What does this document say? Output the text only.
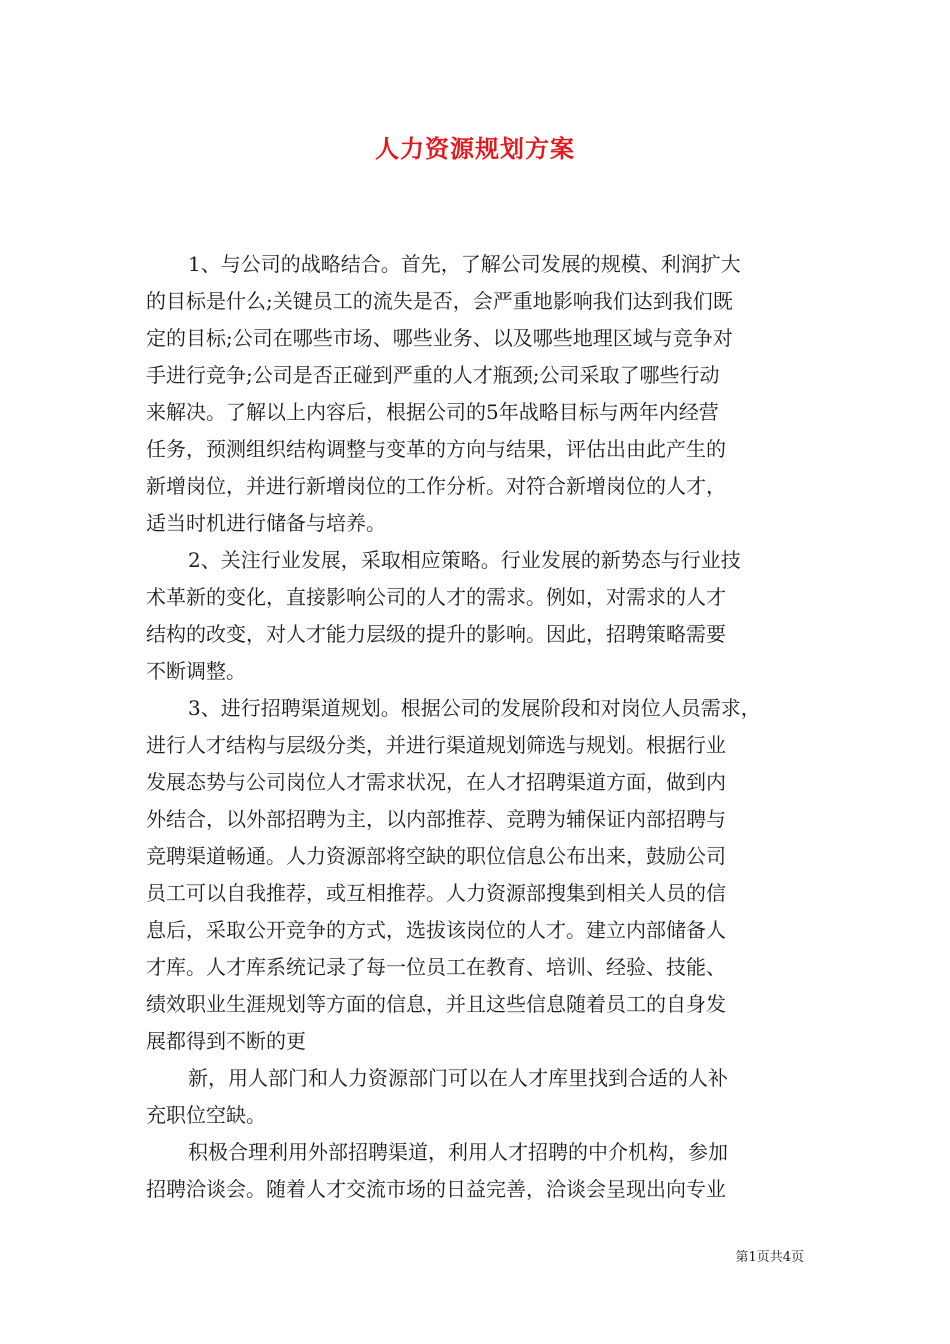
人力资源规划方案
1、与公司的战略结合。首先，了解公司发展的规模、利润扩大
的目标是什么;关键员工的流失是否，会严重地影响我们达到我们既
定的目标;公司在哪些市场、哪些业务、以及哪些地理区域与竞争对
手进行竞争;公司是否正碰到严重的人才瓶颈;公司采取了哪些行动
来解决。了解以上内容后，根据公司的5年战略目标与两年内经营
任务，预测组织结构调整与变革的方向与结果，评估出由此产生的
新增岗位，并进行新增岗位的工作分析。对符合新增岗位的人才，
适当时机进行储备与培养。
2、关注行业发展，采取相应策略。行业发展的新势态与行业技
术革新的变化，直接影响公司的人才的需求。例如，对需求的人才
结构的改变，对人才能力层级的提升的影响。因此，招聘策略需要
不断调整。
3、进行招聘渠道规划。根据公司的发展阶段和对岗位人员需求，
进行人才结构与层级分类，并进行渠道规划筛选与规划。根据行业
发展态势与公司岗位人才需求状况，在人才招聘渠道方面，做到内
外结合，以外部招聘为主，以内部推荐、竞聘为辅保证内部招聘与
竞聘渠道畅通。人力资源部将空缺的职位信息公布出来，鼓励公司
员工可以自我推荐，或互相推荐。人力资源部搜集到相关人员的信
息后，采取公开竞争的方式，选拔该岗位的人才。建立内部储备人
才库。人才库系统记录了每一位员工在教育、培训、经验、技能、
绩效职业生涯规划等方面的信息，并且这些信息随着员工的自身发
展都得到不断的更
新，用人部门和人力资源部门可以在人才库里找到合适的人补
充职位空缺。
积极合理利用外部招聘渠道，利用人才招聘的中介机构，参加
招聘洽谈会。随着人才交流市场的日益完善，洽谈会呈现出向专业
第1页共4页
